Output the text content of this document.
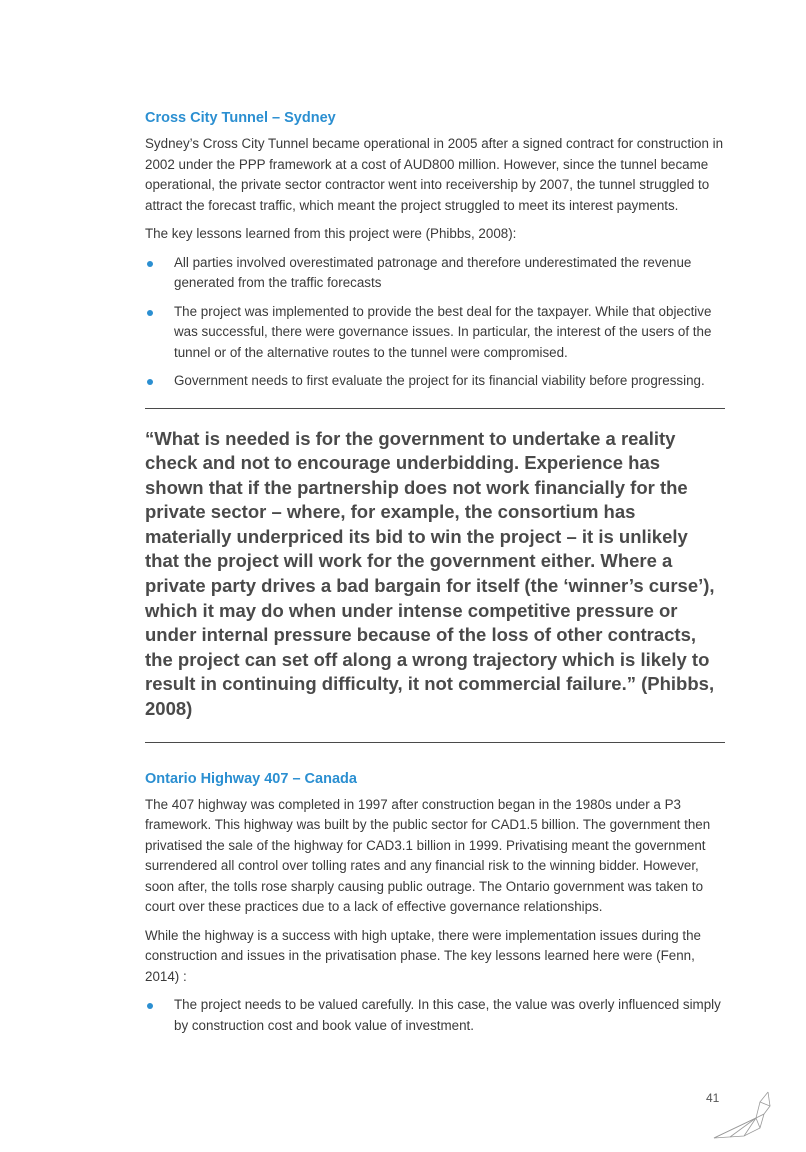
Cross City Tunnel – Sydney

Sydney’s Cross City Tunnel became operational in 2005 after a signed contract for construction in 2002 under the PPP framework at a cost of AUD800 million. However, since the tunnel became operational, the private sector contractor went into receivership by 2007, the tunnel struggled to attract the forecast traffic, which meant the project struggled to meet its interest payments.

The key lessons learned from this project were (Phibbs, 2008):

All parties involved overestimated patronage and therefore underestimated the revenue generated from the traffic forecasts
The project was implemented to provide the best deal for the taxpayer. While that objective was successful, there were governance issues. In particular, the interest of the users of the tunnel or of the alternative routes to the tunnel were compromised.
Government needs to first evaluate the project for its financial viability before progressing.
“What is needed is for the government to undertake a reality check and not to encourage underbidding. Experience has shown that if the partnership does not work financially for the private sector – where, for example, the consortium has materially underpriced its bid to win the project – it is unlikely that the project will work for the government either. Where a private party drives a bad bargain for itself (the ‘winner’s curse’), which it may do when under intense competitive pressure or under internal pressure because of the loss of other contracts, the project can set off along a wrong trajectory which is likely to result in continuing difficulty, it not commercial failure.” (Phibbs, 2008)
Ontario Highway 407 – Canada

The 407 highway was completed in 1997 after construction began in the 1980s under a P3 framework. This highway was built by the public sector for CAD1.5 billion. The government then privatised the sale of the highway for CAD3.1 billion in 1999. Privatising meant the government surrendered all control over tolling rates and any financial risk to the winning bidder. However, soon after, the tolls rose sharply causing public outrage. The Ontario government was taken to court over these practices due to a lack of effective governance relationships.

While the highway is a success with high uptake, there were implementation issues during the construction and issues in the privatisation phase. The key lessons learned here were (Fenn, 2014) :

The project needs to be valued carefully. In this case, the value was overly influenced simply by construction cost and book value of investment.
41
